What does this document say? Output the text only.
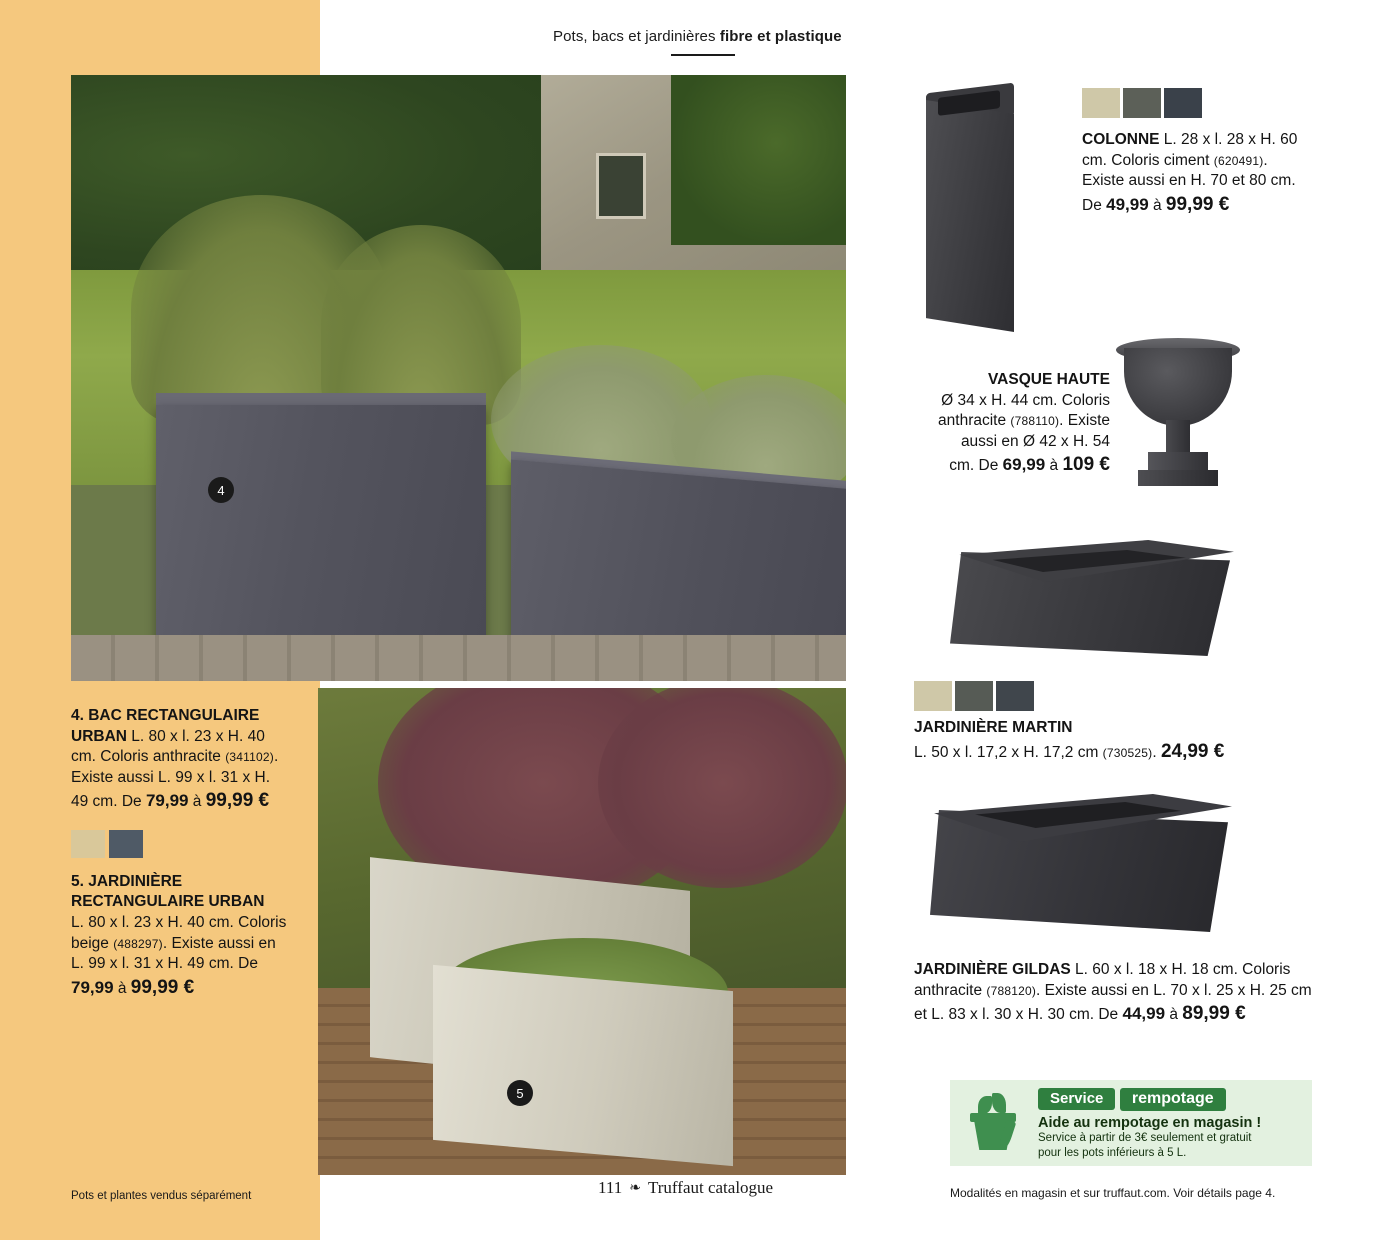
Pots, bacs et jardinières fibre et plastique
4
5
4. BAC RECTANGULAIRE URBAN L. 80 x l. 23 x H. 40 cm. Coloris anthracite (341102). Existe aussi L. 99 x l. 31 x H. 49 cm. De 79,99 à 99,99 €
5. JARDINIÈRE RECTANGULAIRE URBAN
L. 80 x l. 23 x H. 40 cm. Coloris beige (488297). Existe aussi en L. 99 x l. 31 x H. 49 cm. De 79,99 à 99,99 €
Pots et plantes vendus séparément	111 ❧ Truffaut catalogue
COLONNE L. 28 x l. 28 x H. 60 cm. Coloris ciment (620491). Existe aussi en H. 70 et 80 cm. De 49,99 à 99,99 €
VASQUE HAUTE
Ø 34 x H. 44 cm. Coloris anthracite (788110). Existe aussi en Ø 42 x H. 54 cm. De 69,99 à 109 €
JARDINIÈRE MARTIN
L. 50 x l. 17,2 x H. 17,2 cm (730525). 24,99 €
JARDINIÈRE GILDAS L. 60 x l. 18 x H. 18 cm. Coloris anthracite (788120). Existe aussi en L. 70 x l. 25 x H. 25 cm et L. 83 x l. 30 x H. 30 cm. De 44,99 à 89,99 €
Service rempotage
Aide au rempotage en magasin !
Service à partir de 3€ seulement et gratuit
pour les pots inférieurs à 5 L.
Modalités en magasin et sur truffaut.com. Voir détails page 4.
